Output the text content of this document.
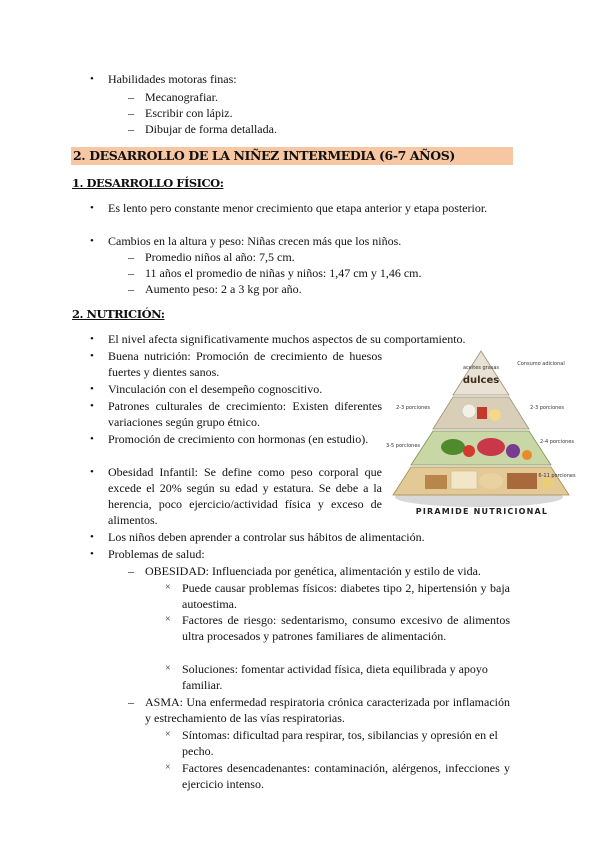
• Habilidades motoras finas:
– Mecanografiar.
– Escribir con lápiz.
– Dibujar de forma detallada.
2. DESARROLLO DE LA NIÑEZ INTERMEDIA (6-7 AÑOS)
1. DESARROLLO FÍSICO:
• Es lento pero constante menor crecimiento que etapa anterior y etapa posterior.
• Cambios en la altura y peso: Niñas crecen más que los niños.
– Promedio niños al año: 7,5 cm.
– 11 años el promedio de niñas y niños: 1,47 cm y 1,46 cm.
– Aumento peso: 2 a 3 kg por año.
2. NUTRICIÓN:
• El nivel afecta significativamente muchos aspectos de su comportamiento.
• Buena nutrición: Promoción de crecimiento de huesos fuertes y dientes sanos.
• Vinculación con el desempeño cognoscitivo.
• Patrones culturales de crecimiento: Existen diferentes variaciones según grupo étnico.
• Promoción de crecimiento con hormonas (en estudio).
• Obesidad Infantil: Se define como peso corporal que excede el 20% según su edad y estatura. Se debe a la herencia, poco ejercicio/actividad física y exceso de alimentos.
aceites grasas
dulces
Consumo adicional
2-3 porciones	2-3 porciones
3-5 porciones
2-4 porciones
6-11 porciones
PIRAMIDE NUTRICIONAL
• Los niños deben aprender a controlar sus hábitos de alimentación.
• Problemas de salud:
– OBESIDAD: Influenciada por genética, alimentación y estilo de vida.
× Puede causar problemas físicos: diabetes tipo 2, hipertensión y baja autoestima.
× Factores de riesgo: sedentarismo, consumo excesivo de alimentos ultra procesados y patrones familiares de alimentación.
× Soluciones: fomentar actividad física, dieta equilibrada y apoyo familiar.
– ASMA: Una enfermedad respiratoria crónica caracterizada por inflamación y estrechamiento de las vías respiratorias.
× Síntomas: dificultad para respirar, tos, sibilancias y opresión en el pecho.
× Factores desencadenantes: contaminación, alérgenos, infecciones y ejercicio intenso.
